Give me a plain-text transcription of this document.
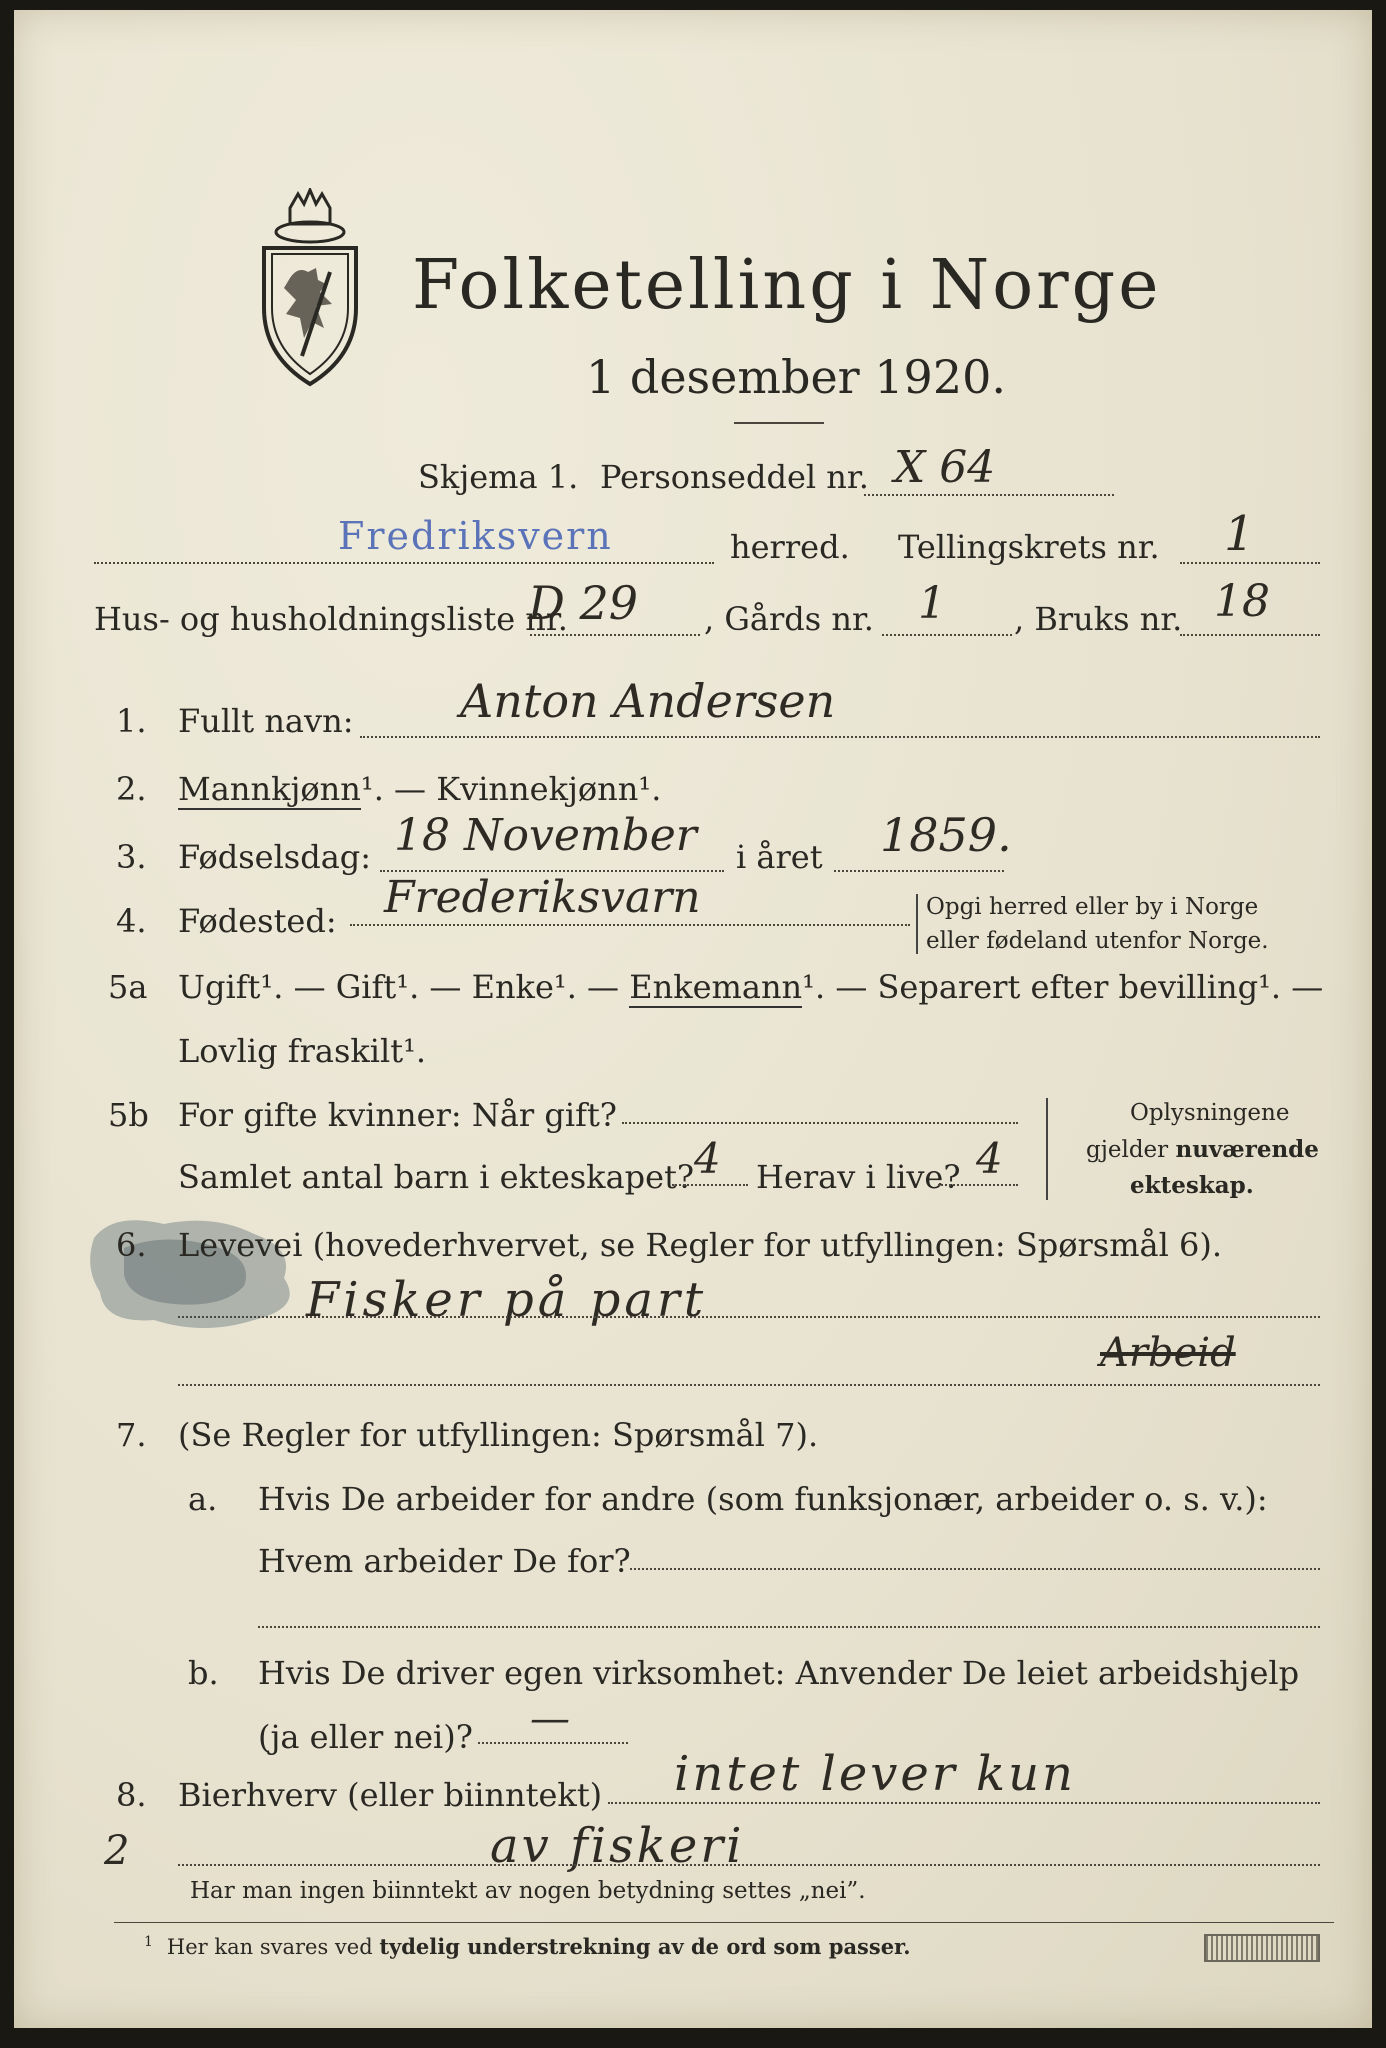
Folketelling i Norge
1 desember 1920.
Skjema 1. Personseddel nr. X 64
Fredriksvern	herred. Tellingskrets nr. 1
Hus- og husholdningsliste nr.
D 29 , Gårds nr. 1 , Bruks nr. 18
1. Fullt navn: Anton Andersen
2. Mannkjønn¹. — Kvinnekjønn¹.
3. Fødselsdag: 18 November i året 1859.
4. Fødested: Frederiksvarn	Opgi herred eller by i Norge
eller fødeland utenfor Norge.
5a Ugift¹. — Gift¹. — Enke¹. — Enkemann¹. — Separert efter bevilling¹. —
Lovlig fraskilt¹.
5b For gifte kvinner: Når gift?
Samlet antal barn i ekteskapet? 4 Herav i live? 4
Oplysningene
gjelder nuværende
ekteskap.
6. Levevei (hovederhvervet, se Regler for utfyllingen: Spørsmål 6).
Fisker på part
Arbeid
7. (Se Regler for utfyllingen: Spørsmål 7).
a. Hvis De arbeider for andre (som funksjonær, arbeider o. s. v.):
Hvem arbeider De for?
b. Hvis De driver egen virksomhet: Anvender De leiet arbeidshjelp
(ja eller nei)? —
2
8. Bierhverv (eller biinntekt) intet lever kun
av fiskeri
Har man ingen biinntekt av nogen betydning settes „nei”.
$^1$ Her kan svares ved tydelig understrekning av de ord som passer.
